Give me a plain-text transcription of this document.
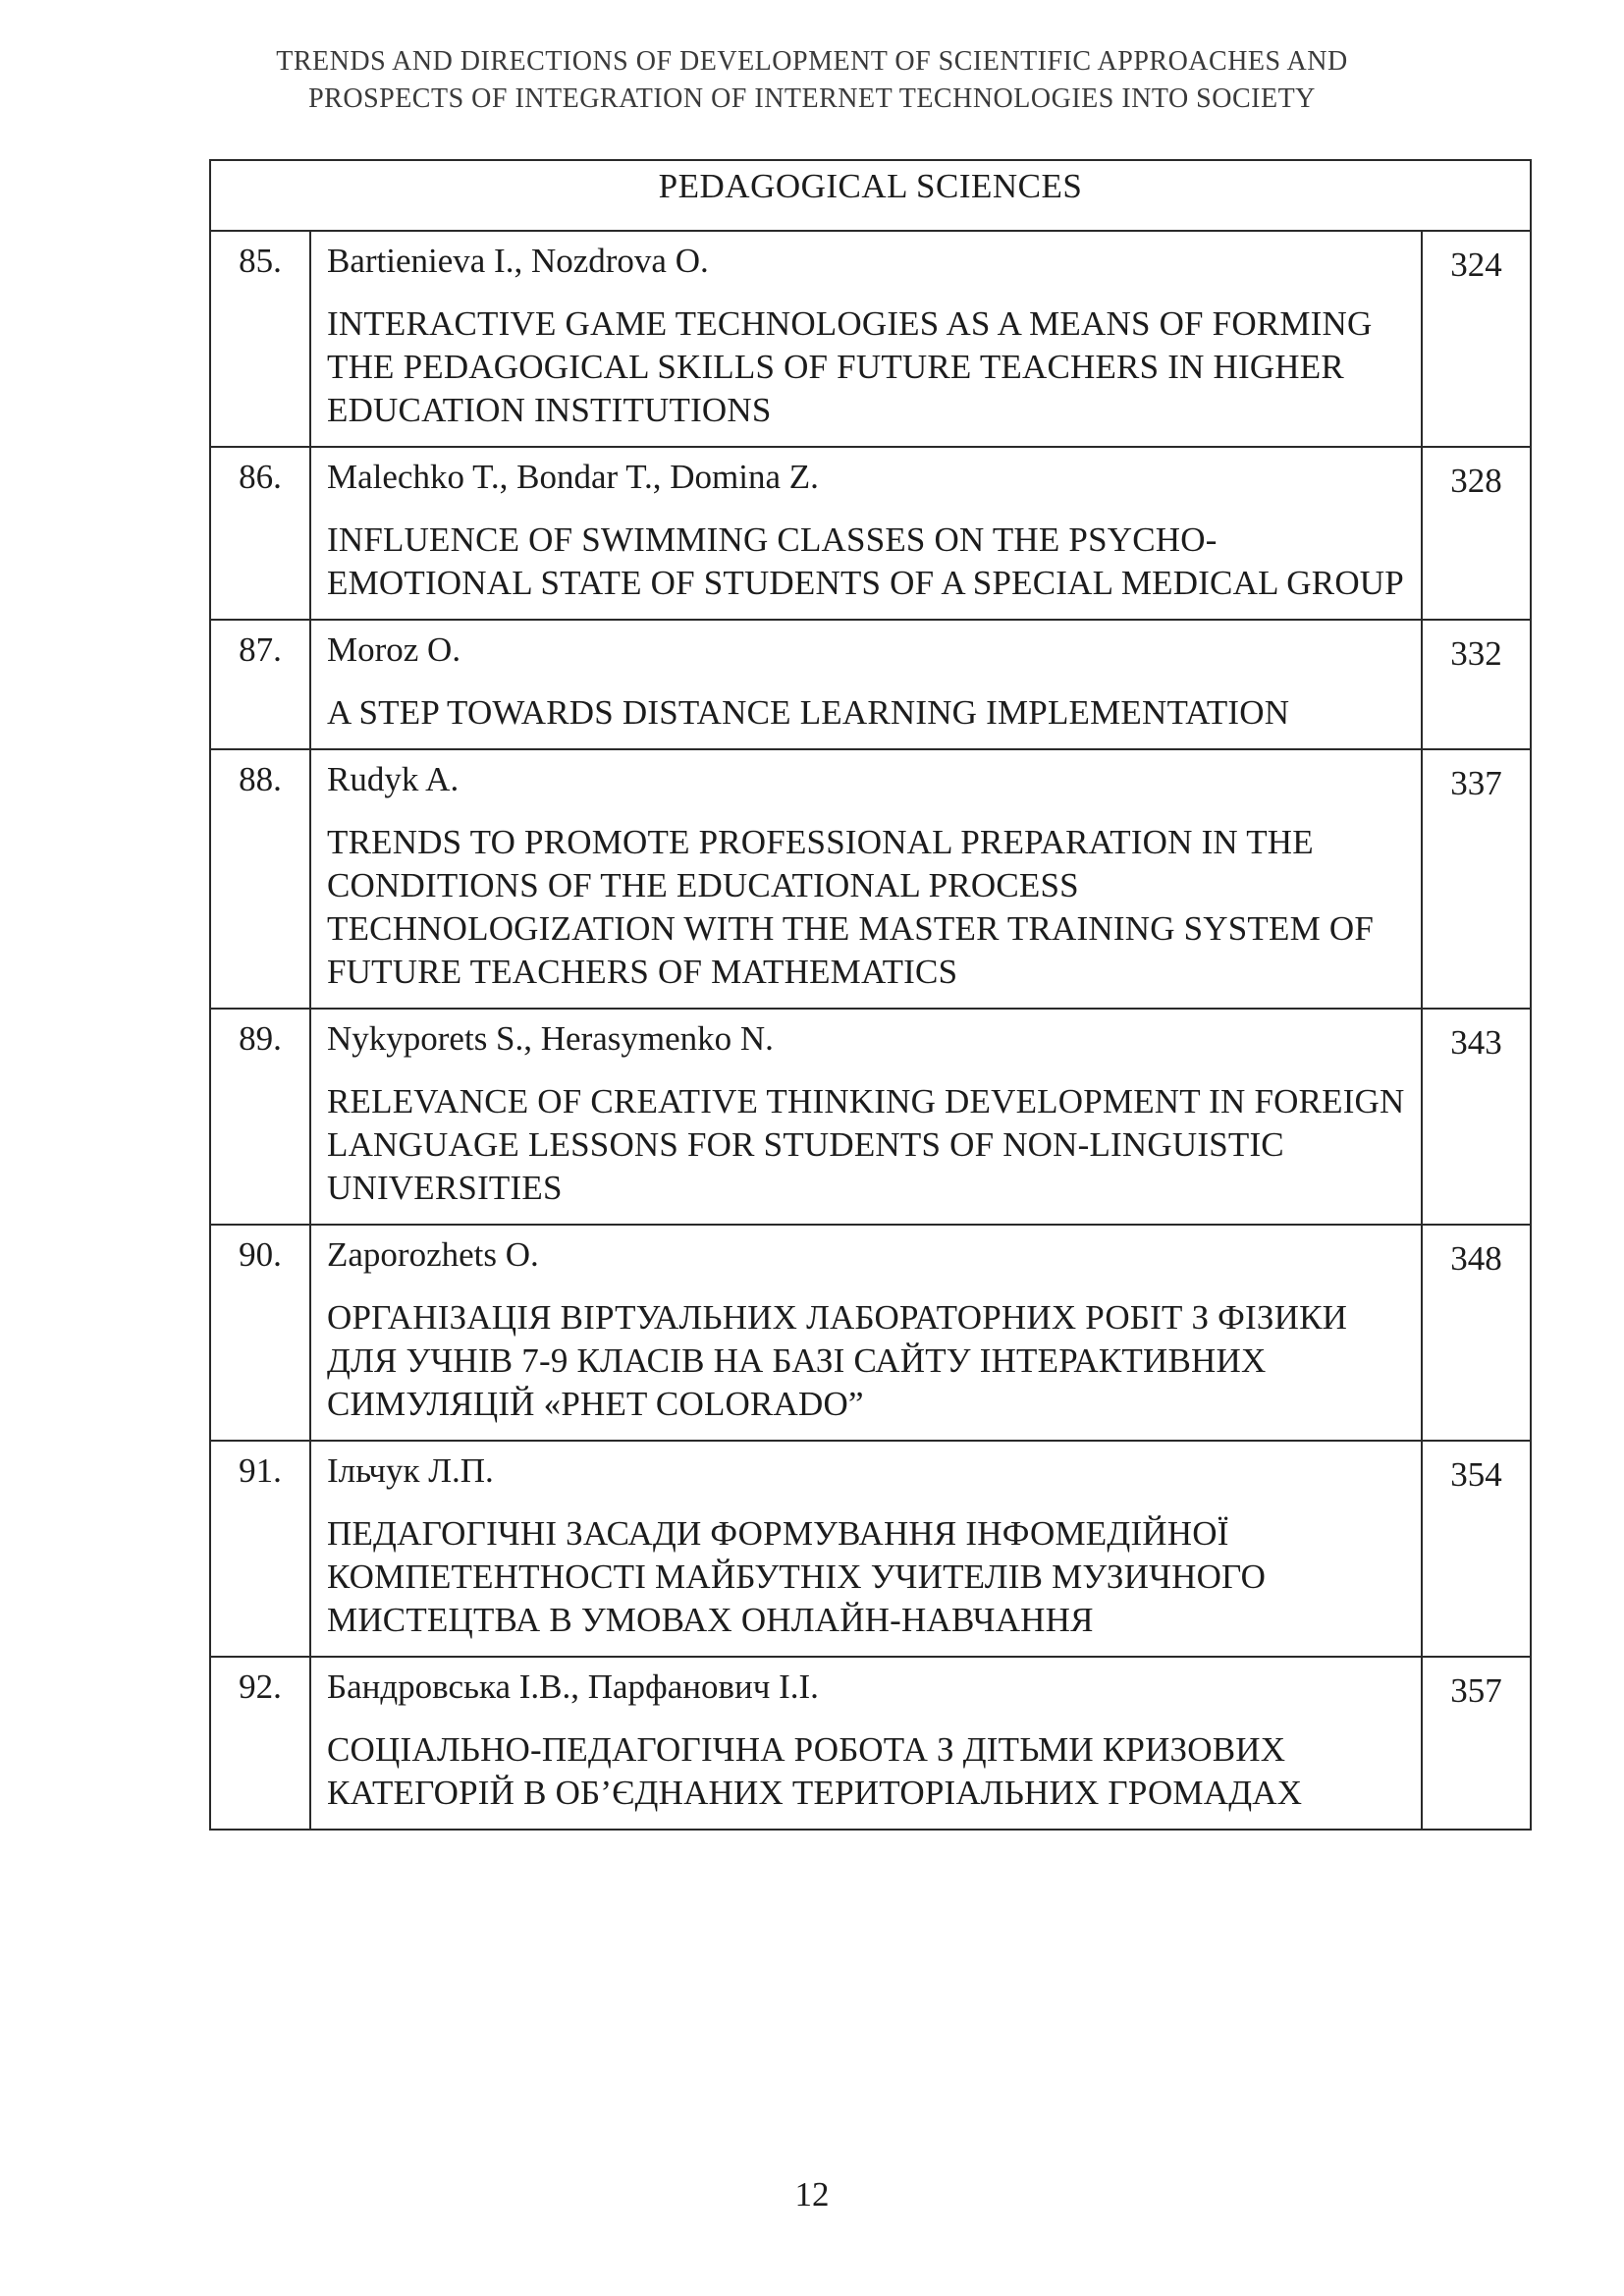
TRENDS AND DIRECTIONS OF DEVELOPMENT OF SCIENTIFIC APPROACHES AND
PROSPECTS OF INTEGRATION OF INTERNET TECHNOLOGIES INTO SOCIETY
PEDAGOGICAL SCIENCES		
85.	Bartienieva I., Nozdrova O.

INTERACTIVE GAME TECHNOLOGIES AS A MEANS OF FORMING THE PEDAGOGICAL SKILLS OF FUTURE TEACHERS IN HIGHER EDUCATION INSTITUTIONS	324
86.	Malechko T., Bondar T., Domina Z.

INFLUENCE OF SWIMMING CLASSES ON THE PSYCHO-EMOTIONAL STATE OF STUDENTS OF A SPECIAL MEDICAL GROUP	328
87.	Moroz O.

A STEP TOWARDS DISTANCE LEARNING IMPLEMENTATION	332
88.	Rudyk A.

TRENDS TO PROMOTE PROFESSIONAL PREPARATION IN THE CONDITIONS OF THE EDUCATIONAL PROCESS TECHNOLOGIZATION WITH THE MASTER TRAINING SYSTEM OF FUTURE TEACHERS OF MATHEMATICS	337
89.	Nykyporets S., Herasymenko N.

RELEVANCE OF CREATIVE THINKING DEVELOPMENT IN FOREIGN LANGUAGE LESSONS FOR STUDENTS OF NON-LINGUISTIC UNIVERSITIES	343
90.	Zaporozhets O.

ОРГАНІЗАЦІЯ ВІРТУАЛЬНИХ ЛАБОРАТОРНИХ РОБІТ З ФІЗИКИ ДЛЯ УЧНІВ 7-9 КЛАСІВ НА БАЗІ САЙТУ ІНТЕРАКТИВНИХ СИМУЛЯЦІЙ «PHET COLORADO”	348
91.	Ільчук Л.П.

ПЕДАГОГІЧНІ ЗАСАДИ ФОРМУВАННЯ ІНФОМЕДІЙНОЇ КОМПЕТЕНТНОСТІ МАЙБУТНІХ УЧИТЕЛІВ МУЗИЧНОГО МИСТЕЦТВА В УМОВАХ ОНЛАЙН-НАВЧАННЯ	354
92.	Бандровська І.В., Парфанович І.І.

СОЦІАЛЬНО-ПЕДАГОГІЧНА РОБОТА З ДІТЬМИ КРИЗОВИХ КАТЕГОРІЙ В ОБ’ЄДНАНИХ ТЕРИТОРІАЛЬНИХ ГРОМАДАХ	357
12
